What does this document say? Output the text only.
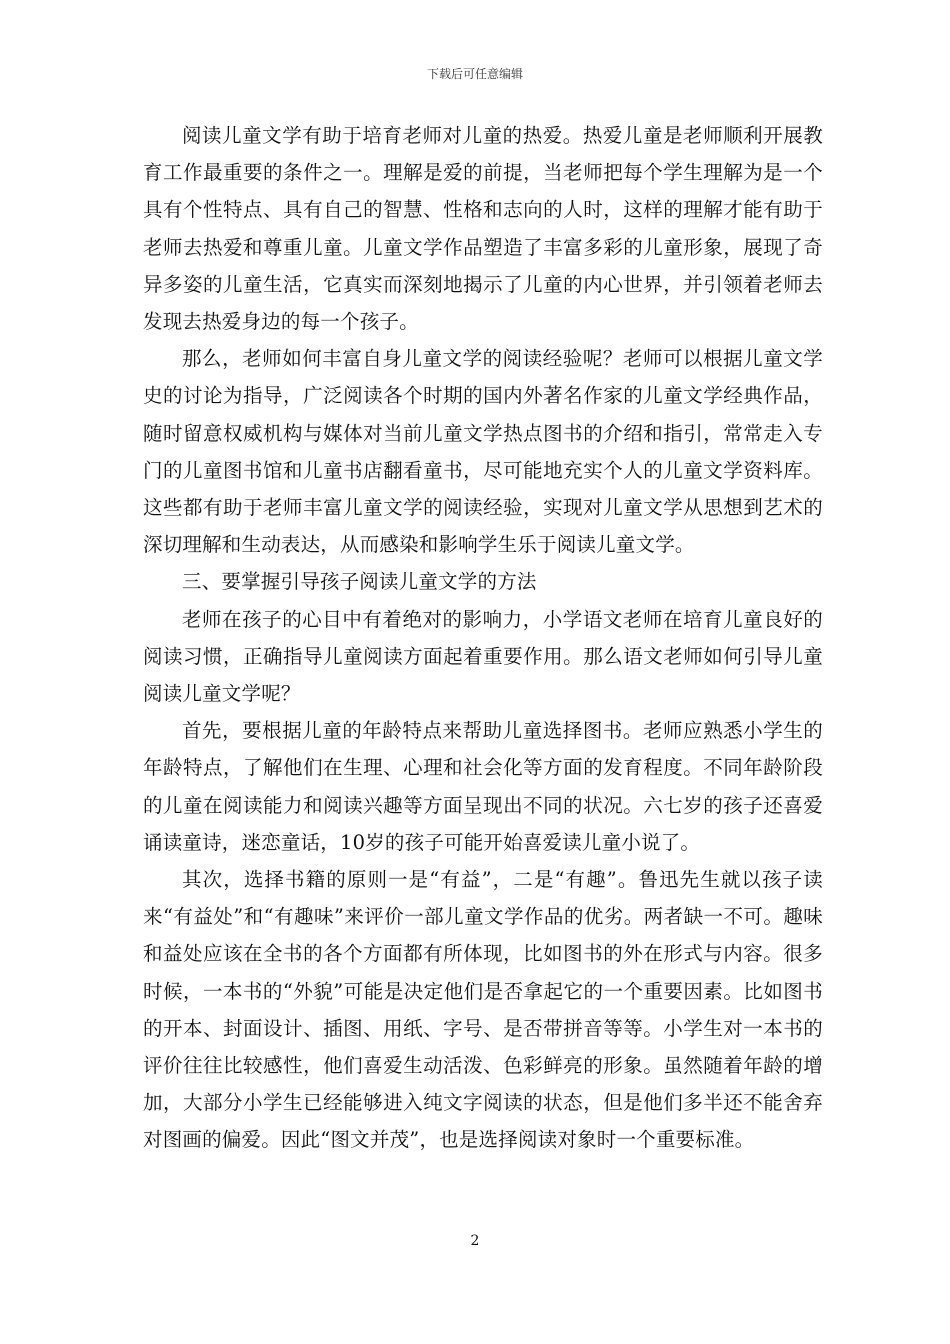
下载后可任意编辑

阅读儿童文学有助于培育老师对儿童的热爱。热爱儿童是老师顺利开展教育工作最重要的条件之一。理解是爱的前提，当老师把每个学生理解为是一个具有个性特点、具有自己的智慧、性格和志向的人时，这样的理解才能有助于老师去热爱和尊重儿童。儿童文学作品塑造了丰富多彩的儿童形象，展现了奇异多姿的儿童生活，它真实而深刻地揭示了儿童的内心世界，并引领着老师去发现去热爱身边的每一个孩子。

那么，老师如何丰富自身儿童文学的阅读经验呢？老师可以根据儿童文学史的讨论为指导，广泛阅读各个时期的国内外著名作家的儿童文学经典作品，随时留意权威机构与媒体对当前儿童文学热点图书的介绍和指引，常常走入专门的儿童图书馆和儿童书店翻看童书，尽可能地充实个人的儿童文学资料库。这些都有助于老师丰富儿童文学的阅读经验，实现对儿童文学从思想到艺术的深切理解和生动表达，从而感染和影响学生乐于阅读儿童文学。

三、要掌握引导孩子阅读儿童文学的方法

老师在孩子的心目中有着绝对的影响力，小学语文老师在培育儿童良好的阅读习惯，正确指导儿童阅读方面起着重要作用。那么语文老师如何引导儿童阅读儿童文学呢？

首先，要根据儿童的年龄特点来帮助儿童选择图书。老师应熟悉小学生的年龄特点，了解他们在生理、心理和社会化等方面的发育程度。不同年龄阶段的儿童在阅读能力和阅读兴趣等方面呈现出不同的状况。六七岁的孩子还喜爱诵读童诗，迷恋童话，10岁的孩子可能开始喜爱读儿童小说了。

其次，选择书籍的原则一是“有益”，二是“有趣”。鲁迅先生就以孩子读来“有益处”和“有趣味”来评价一部儿童文学作品的优劣。两者缺一不可。趣味和益处应该在全书的各个方面都有所体现，比如图书的外在形式与内容。很多时候，一本书的“外貌”可能是决定他们是否拿起它的一个重要因素。比如图书的开本、封面设计、插图、用纸、字号、是否带拼音等等。小学生对一本书的评价往往比较感性，他们喜爱生动活泼、色彩鲜亮的形象。虽然随着年龄的增加，大部分小学生已经能够进入纯文字阅读的状态，但是他们多半还不能舍弃对图画的偏爱。因此“图文并茂”，也是选择阅读对象时一个重要标准。

2
